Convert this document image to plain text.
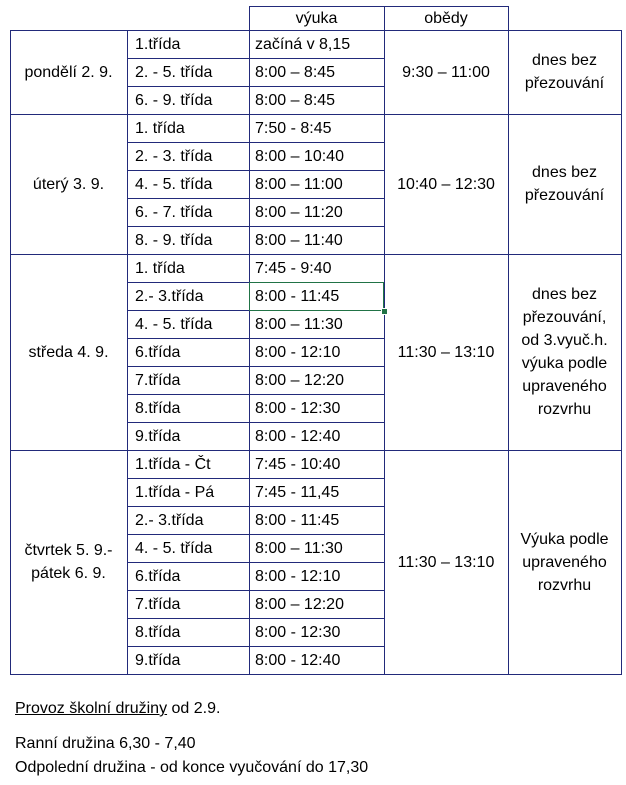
výuka	obědy
pondělí 2. 9.
1.třída	začíná v 8,15
2. - 5. třída	8:00 – 8:45
6. - 9. třída	8:00 – 8:45
9:30 – 11:00
dnes bez
přezouvání
úterý 3. 9.
1. třída	7:50 - 8:45
2. - 3. třída	8:00 – 10:40
4. - 5. třída	8:00 – 11:00
6. - 7. třída	8:00 – 11:20
8. - 9. třída	8:00 – 11:40
10:40 – 12:30
dnes bez
přezouvání
středa 4. 9.
1. třída	7:45 - 9:40
2.- 3.třída	8:00 - 11:45
4. - 5. třída	8:00 – 11:30
6.třída	8:00 - 12:10
7.třída	8:00 – 12:20
8.třída	8:00 - 12:30
9.třída	8:00 - 12:40
11:30 – 13:10
dnes bez
přezouvání,
od 3.vyuč.h.
výuka podle
upraveného
rozvrhu
čtvrtek 5. 9.-
pátek 6. 9.
1.třída - Čt	7:45 - 10:40
1.třída - Pá	7:45 - 11,45
2.- 3.třída	8:00 - 11:45
4. - 5. třída	8:00 – 11:30
6.třída	8:00 - 12:10
7.třída	8:00 – 12:20
8.třída	8:00 - 12:30
9.třída	8:00 - 12:40
11:30 – 13:10
Výuka podle
upraveného
rozvrhu
Provoz školní družiny od 2.9.
Ranní družina 6,30 - 7,40
Odpolední družina - od konce vyučování do 17,30
